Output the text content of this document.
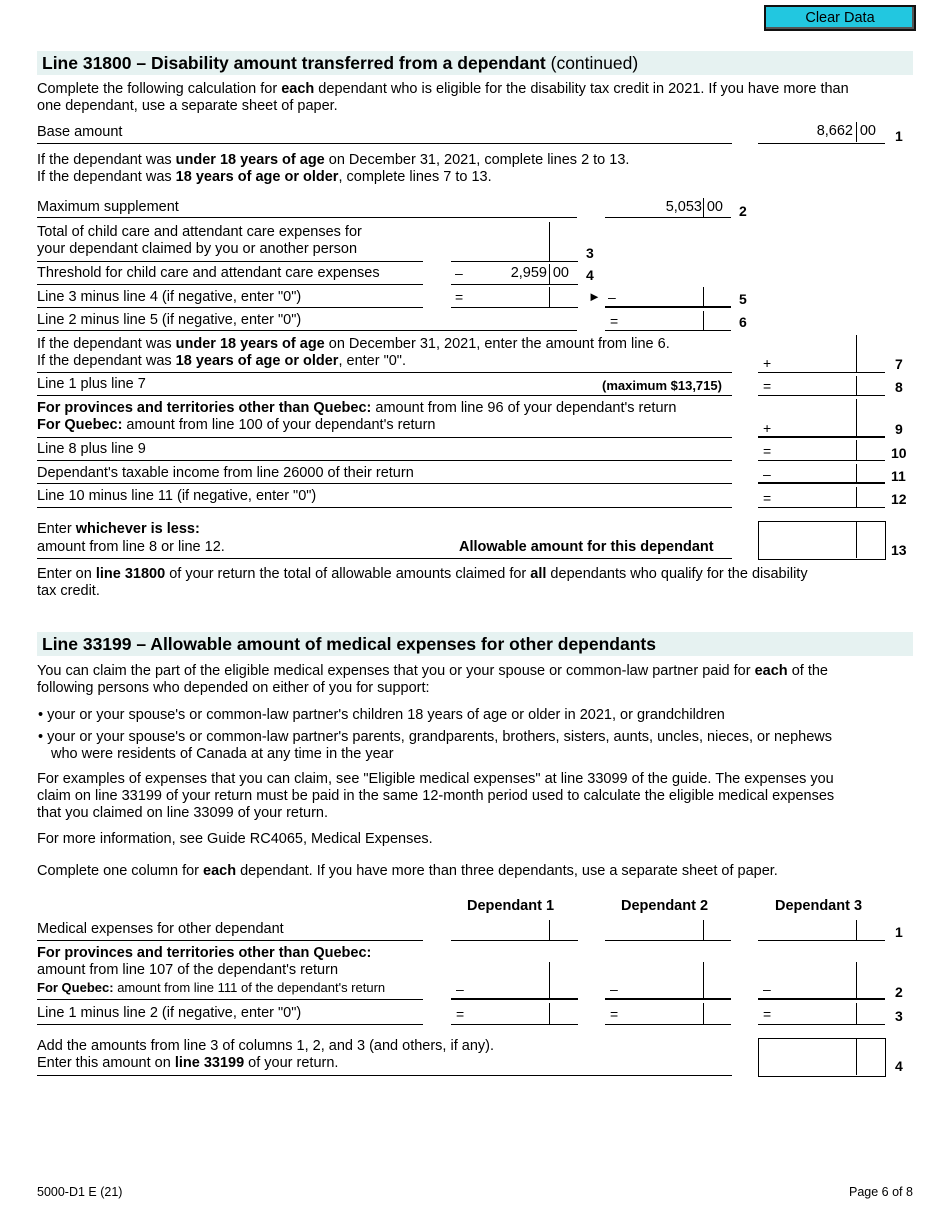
Clear Data
Line 31800 – Disability amount transferred from a dependant (continued)

Complete the following calculation for each dependant who is eligible for the disability tax credit in 2021. If you have more than

one dependant, use a separate sheet of paper.

Base amount	8,662 00 1

If the dependant was under 18 years of age on December 31, 2021, complete lines 2 to 13.

If the dependant was 18 years of age or older, complete lines 7 to 13.

Maximum supplement	5,053 00 2
Total of child care and attendant care expenses for
your dependant claimed by you or another person	3
Threshold for child care and attendant care expenses	–	2,959 00 4
Line 3 minus line 4 (if negative, enter "0")	=	► –	5
Line 2 minus line 5 (if negative, enter "0")	=	6

If the dependant was under 18 years of age on December 31, 2021, enter the amount from line 6.

If the dependant was 18 years of age or older, enter "0".	+	7
Line 1 plus line 7	(maximum $13,715)	=	8

For provinces and territories other than Quebec: amount from line 96 of your dependant's return

For Quebec: amount from line 100 of your dependant's return	+	9
Line 8 plus line 9	=	10
Dependant's taxable income from line 26000 of their return	–	11
Line 10 minus line 11 (if negative, enter "0")	=	12
Enter whichever is less:
amount from line 8 or line 12.	Allowable amount for this dependant	13

Enter on line 31800 of your return the total of allowable amounts claimed for all dependants who qualify for the disability

tax credit.

Line 33199 – Allowable amount of medical expenses for other dependants

You can claim the part of the eligible medical expenses that you or your spouse or common-law partner paid for each of the

following persons who depended on either of you for support:

• your or your spouse's or common-law partner's children 18 years of age or older in 2021, or grandchildren

• your or your spouse's or common-law partner's parents, grandparents, brothers, sisters, aunts, uncles, nieces, or nephews

who were residents of Canada at any time in the year

For examples of expenses that you can claim, see "Eligible medical expenses" at line 33099 of the guide. The expenses you

claim on line 33199 of your return must be paid in the same 12-month period used to calculate the eligible medical expenses

that you claimed on line 33099 of your return.

For more information, see Guide RC4065, Medical Expenses.
Complete one column for each dependant. If you have more than three dependants, use a separate sheet of paper.
Dependant 1	Dependant 2	Dependant 3
Medical expenses for other dependant	1
For provinces and territories other than Quebec:
amount from line 107 of the dependant's return
For Quebec: amount from line 111 of the dependant's return	–	–	–	2
Line 1 minus line 2 (if negative, enter "0")	=	=	=	3
Add the amounts from line 3 of columns 1, 2, and 3 (and others, if any).
Enter this amount on line 33199 of your return.	4
5000-D1 E (21)	Page 6 of 8
